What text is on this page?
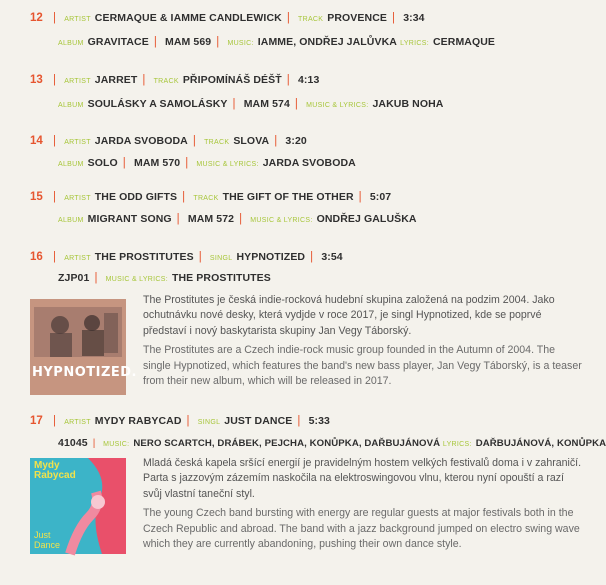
12 | ARTIST CERMAQUE & IAMME CANDLEWICK | TRACK PROVENCE | 3:34
ALBUM GRAVITACE | MAM 569 | MUSIC: IAMME, ONDŘEJ JALŮVKA LYRICS: CERMAQUE
13 | ARTIST JARRET | TRACK PŘIPOMÍNÁŠ DÉŠŤ | 4:13
ALBUM SOULÁSKY A SAMOLÁSKY | MAM 574 | MUSIC & LYRICS: JAKUB NOHA
14 | ARTIST JARDA SVOBODA | TRACK SLOVA | 3:20
ALBUM SOLO | MAM 570 | MUSIC & LYRICS: JARDA SVOBODA
15 | ARTIST THE ODD GIFTS | TRACK THE GIFT OF THE OTHER | 5:07
ALBUM MIGRANT SONG | MAM 572 | MUSIC & LYRICS: ONDŘEJ GALUŠKA
16 | ARTIST THE PROSTITUTES | SINGL HYPNOTIZED | 3:54
ZJP01 | MUSIC & LYRICS: THE PROSTITUTES
HYPNOTIZED.

The Prostitutes je česká indie-rocková hudební skupina založená na podzim 2004. Jako ochutnávku nové desky, která vydjde v roce 2017, je singl Hypnotized, kde se poprvé představí i nový baskytarista skupiny Jan Vegy Táborský.

The Prostitutes are a Czech indie-rock music group founded in the Autumn of 2004. The single Hypnotized, which features the band's new bass player, Jan Vegy Táborský, is a teaser from their new album, which will be released in 2017.

17 | ARTIST MYDY RABYCAD | SINGL JUST DANCE | 5:33
41045 | MUSIC: NERO SCARTCH, DRÁBEK, PEJCHA, KONŮPKA, DAŘBUJÁNOVÁ LYRICS: DAŘBUJÁNOVÁ, KONŮPKA
Mydy Rabycad
Just Dance

Mladá česká kapela sršící energií je pravidelným hostem velkých festivalů doma i v zahraničí. Parta s jazzovým zázemím naskočila na elektroswingovou vlnu, kterou nyní opouští a razí svůj vlastní taneční styl.

The young Czech band bursting with energy are regular guests at major festivals both in the Czech Republic and abroad. The band with a jazz background jumped on electro swing wave which they are currently abandoning, pushing their own dance style.
